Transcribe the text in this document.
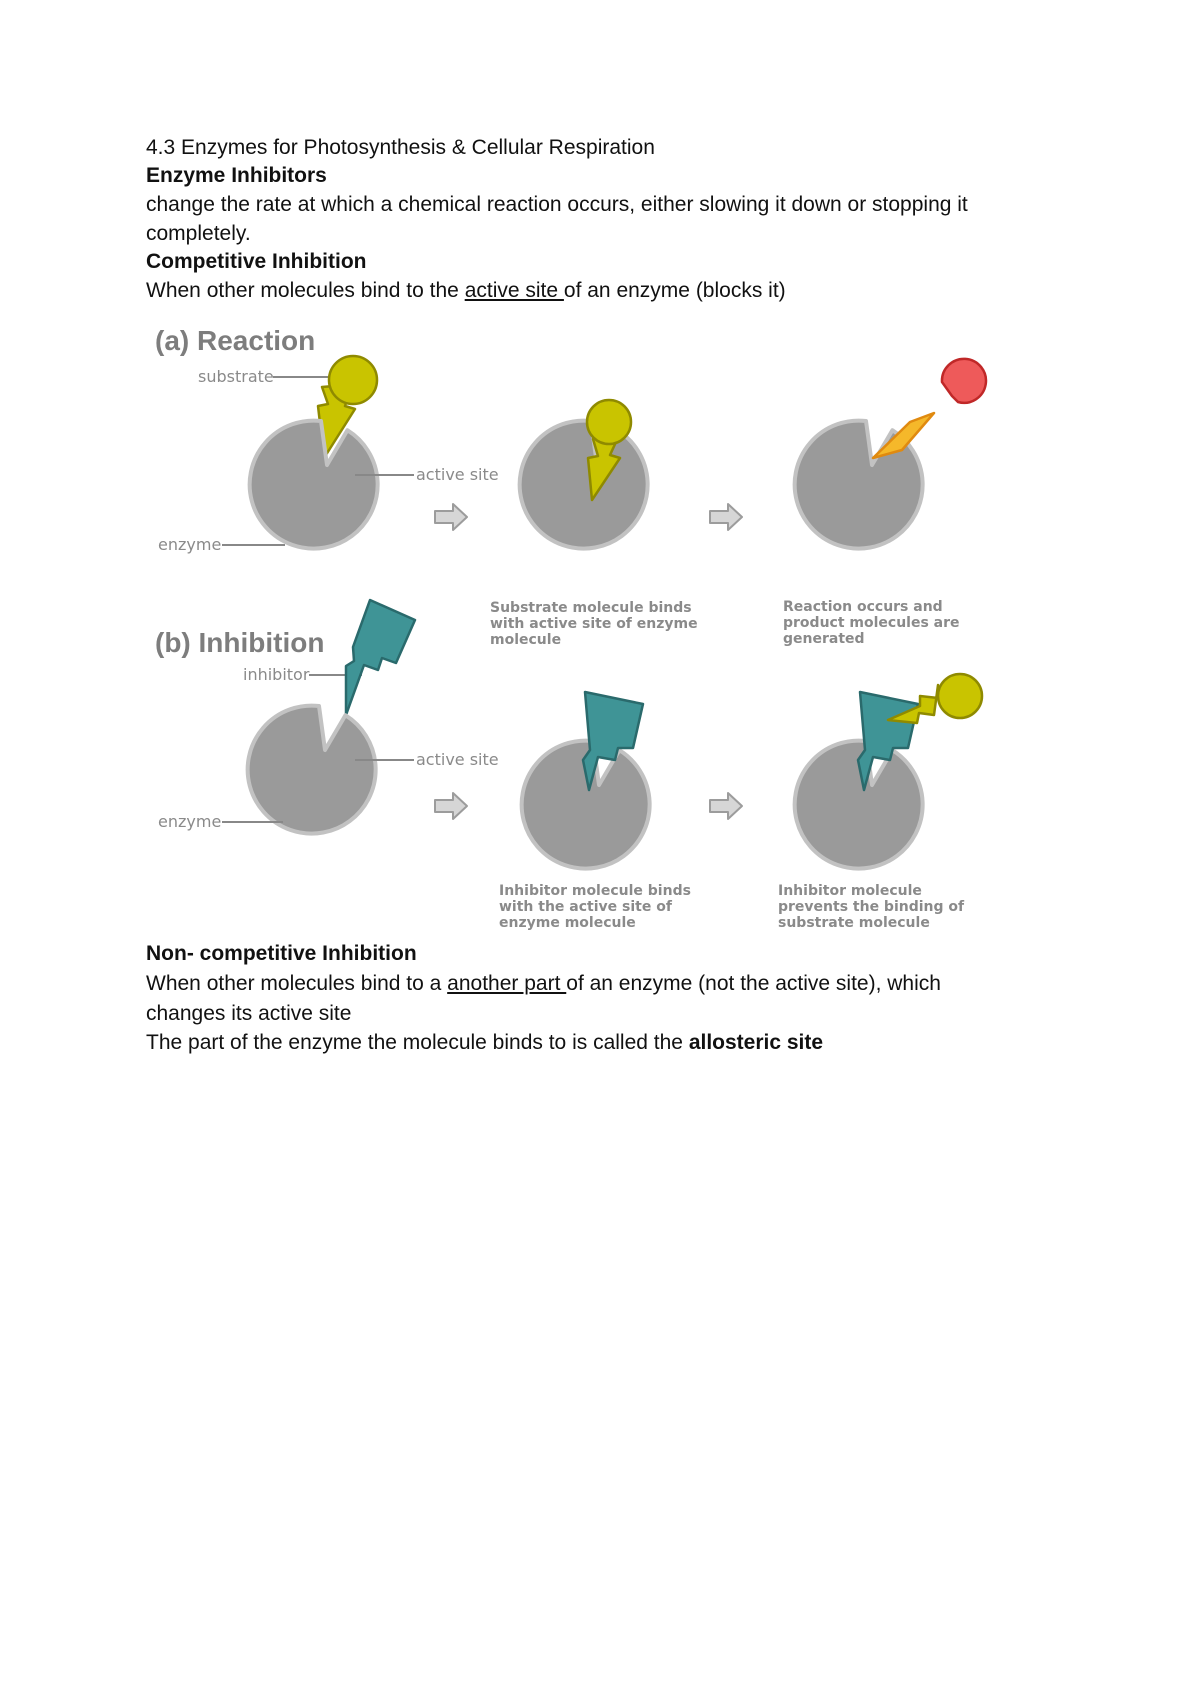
4.3 Enzymes for Photosynthesis & Cellular Respiration
Enzyme Inhibitors
change the rate at which a chemical reaction occurs, either slowing it down or stopping it
completely.
Competitive Inhibition
When other molecules bind to the active site of an enzyme (blocks it)
(a) Reaction
substrate
active site
enzyme
Substrate molecule binds with active site of enzyme molecule
Reaction occurs and product molecules are generated
(b) Inhibition
inhibitor
active site
enzyme
Inhibitor molecule binds with the active site of enzyme molecule
Inhibitor molecule prevents the binding of substrate molecule
Non- competitive Inhibition
When other molecules bind to a another part of an enzyme (not the active site), which
changes its active site
The part of the enzyme the molecule binds to is called the allosteric site
